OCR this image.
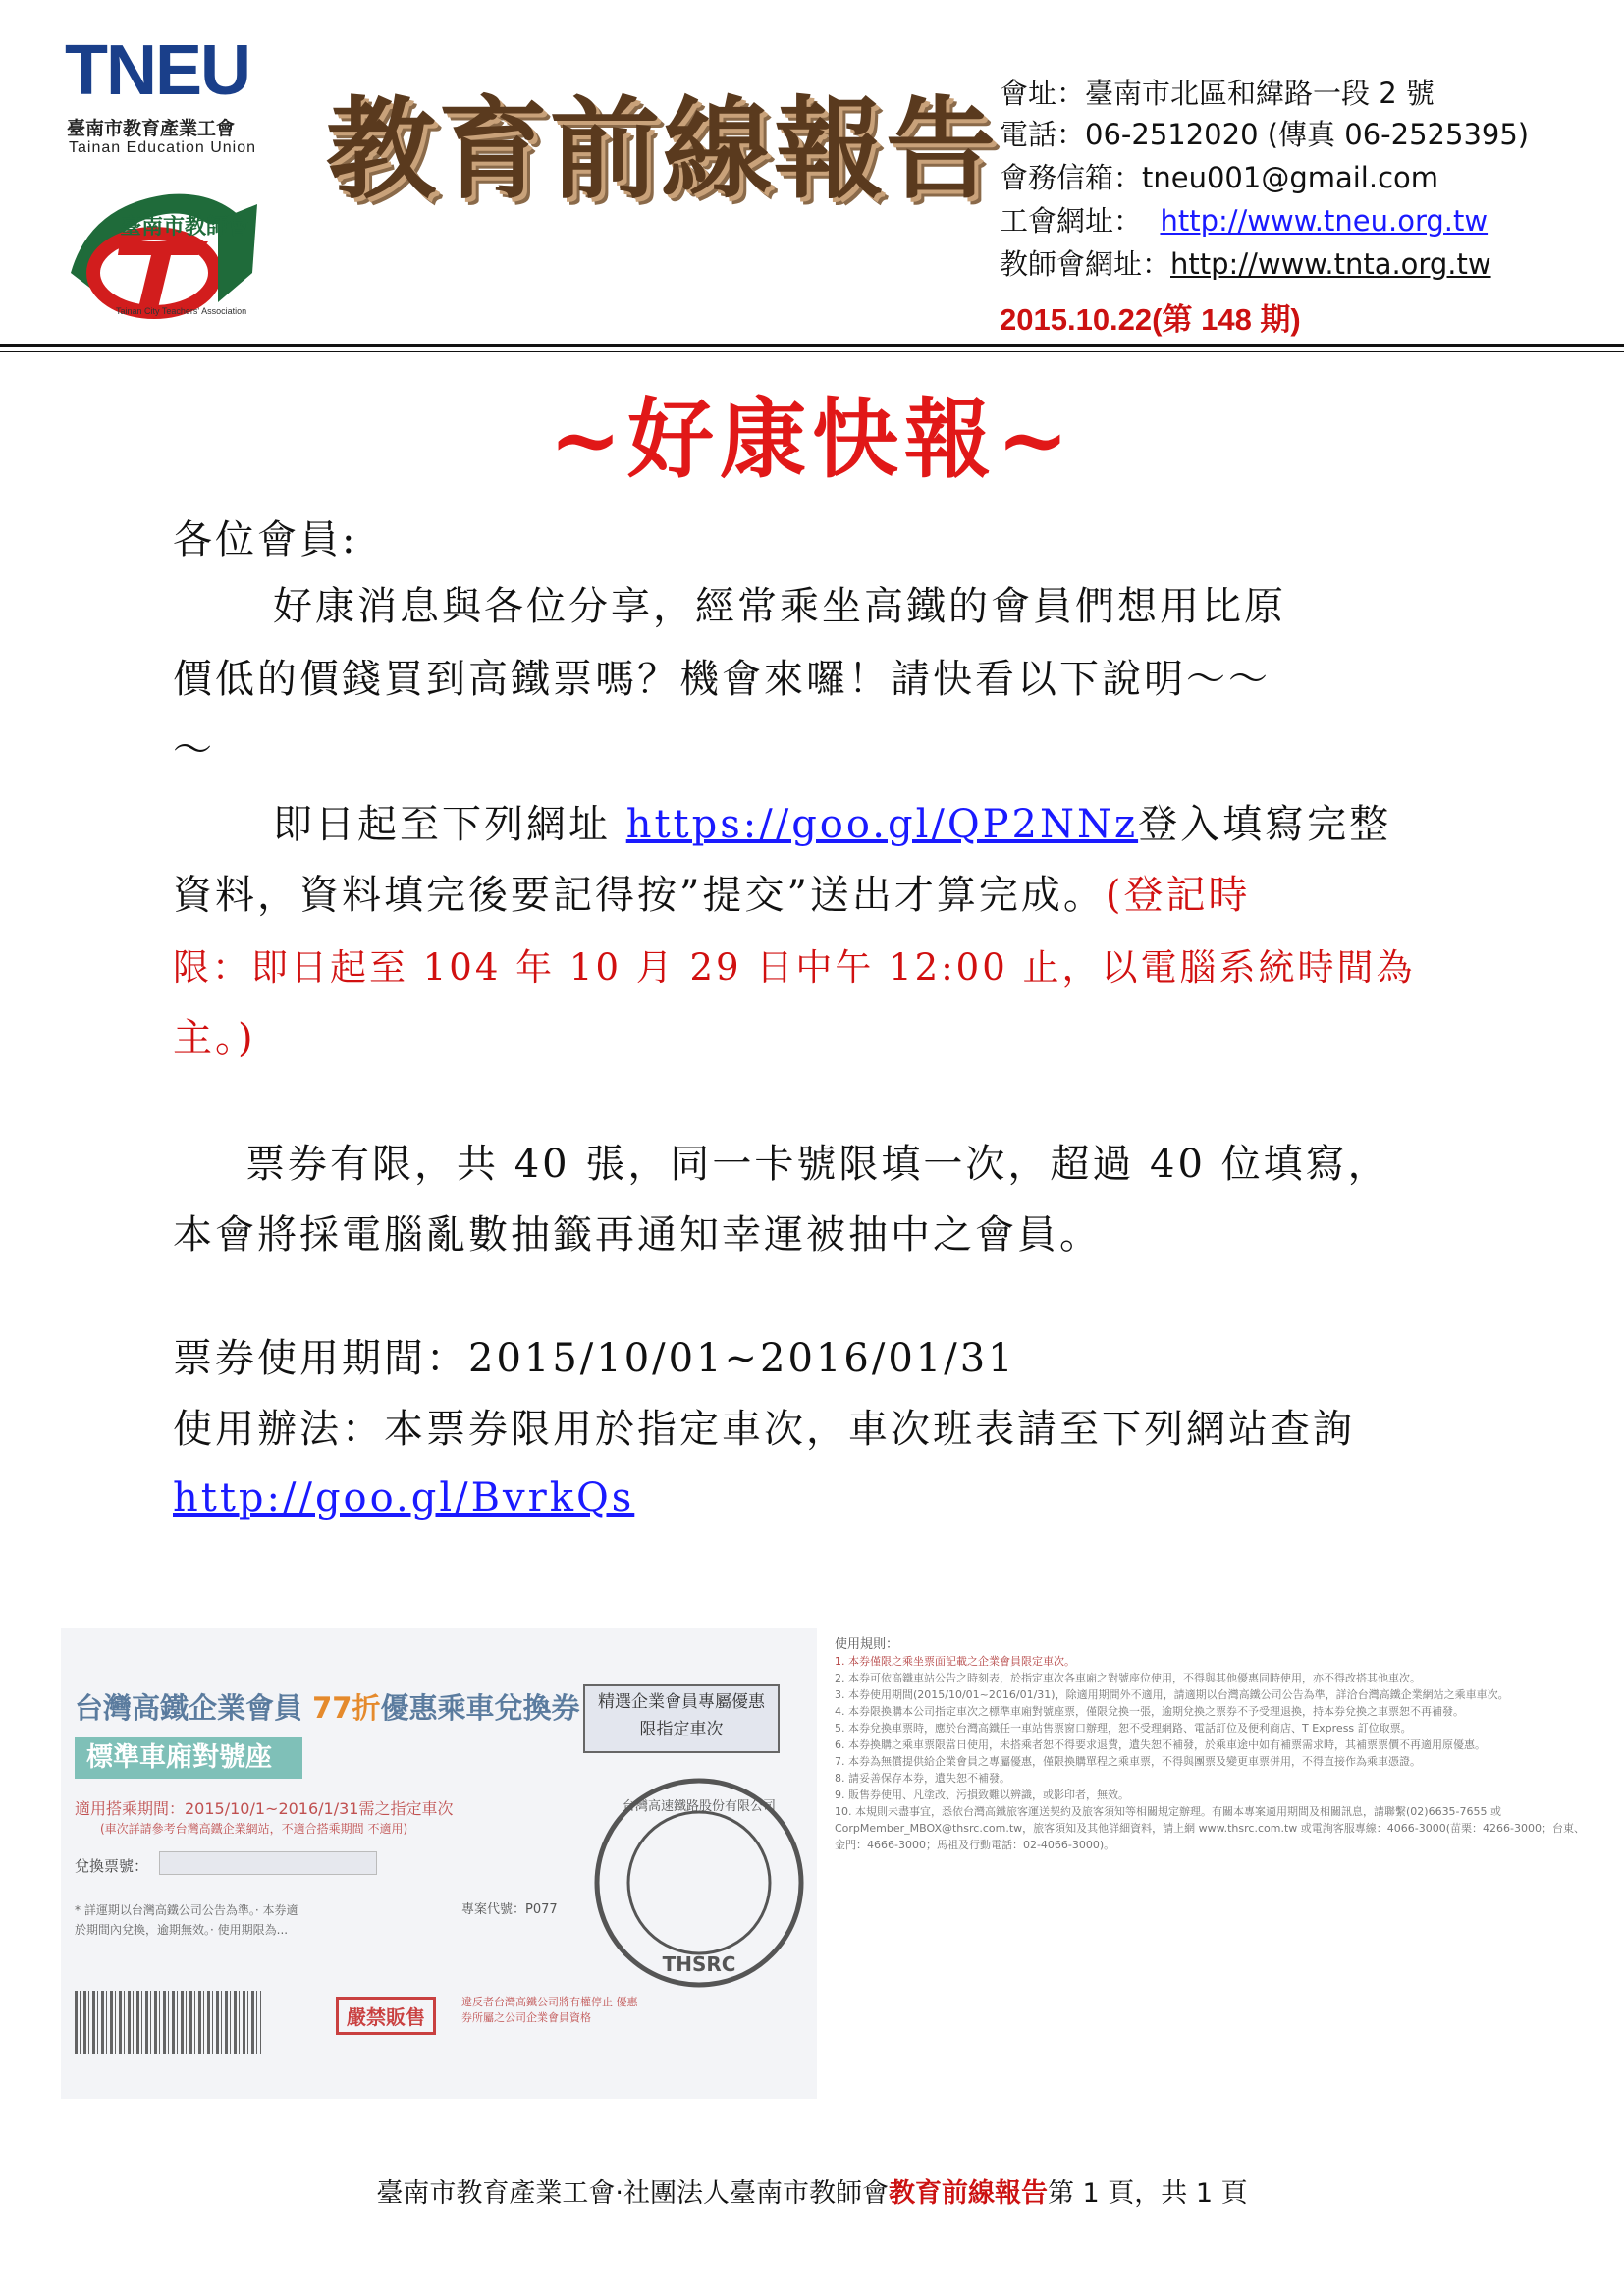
TNEU
臺南市教育產業工會
Tainan Education Union
臺南市教師會
Tainan City Teachers' Association
教育前線報告 會址：臺南市北區和緯路一段 2 號
電話：06-2512020 (傳真 06-2525395)
會務信箱：tneu001@gmail.com
工會網址： http://www.tneu.org.tw
教師會網址：http://www.tnta.org.tw
2015.10.22(第 148 期)
~好康快報~
各位會員:
好康消息與各位分享，經常乘坐高鐵的會員們想用比原
價低的價錢買到高鐵票嗎？機會來囉！請快看以下說明～～
～
即日起至下列網址 https://goo.gl/QP2NNz登入填寫完整
資料，資料填完後要記得按”提交”送出才算完成。(登記時
限：即日起至 104 年 10 月 29 日中午 12:00 止，以電腦系統時間為
主。)
票券有限，共 40 張，同一卡號限填一次，超過 40 位填寫，
本會將採電腦亂數抽籤再通知幸運被抽中之會員。
票券使用期間：2015/10/01~2016/01/31
使用辦法：本票券限用於指定車次，車次班表請至下列網站查詢
http://goo.gl/BvrkQs
台灣高鐵企業會員 77折優惠乘車兌換券	精選企業會員專屬優惠 限指定車次
標準車廂對號座
適用搭乘期間：2015/10/1~2016/1/31需之指定車次
(車次詳請參考台灣高鐵企業網站，不適合搭乘期間 不適用)
兌換票號：
* 詳運期以台灣高鐵公司公告為準。· 本券適於期間內兌換，逾期無效。· 使用期限為...
專案代號：P077
嚴禁販售
違反者台灣高鐵公司將有權停止 優惠券所屬之公司企業會員資格
THSRC
台灣高速鐵路股份有限公司
使用規則：
1. 本券僅限之乘坐票面記載之企業會員限定車次。
2. 本券可依高鐵車站公告之時刻表，於指定車次各車廂之對號座位使用，不得與其他優惠同時使用，亦不得改搭其他車次。
3. 本券使用期間(2015/10/01~2016/01/31)，除適用期間外不適用，請適期以台灣高鐵公司公告為準，詳洽台灣高鐵企業網站之乘車車次。
4. 本券限換購本公司指定車次之標準車廂對號座票，僅限兌換一張，逾期兌換之票券不予受理退換，持本券兌換之車票恕不再補發。
5. 本券兌換車票時，應於台灣高鐵任一車站售票窗口辦理，恕不受理網路、電話訂位及便利商店、T Express 訂位取票。
6. 本券換購之乘車票限當日使用，未搭乘者恕不得要求退費，遺失恕不補發，於乘車途中如有補票需求時，其補票票價不再適用原優惠。
7. 本券為無償提供給企業會員之專屬優惠，僅限換購單程之乘車票，不得與團票及變更車票併用，不得直接作為乘車憑證。
8. 請妥善保存本券，遺失恕不補發。
9. 販售券使用、凡塗改、污損致難以辨識，或影印者，無效。
10. 本規則未盡事宜，悉依台灣高鐵旅客運送契約及旅客須知等相關規定辦理。有關本專案適用期間及相關訊息，請聯繫(02)6635-7655 或 CorpMember_MBOX@thsrc.com.tw，旅客須知及其他詳細資料，請上網 www.thsrc.com.tw 或電詢客服專線：4066-3000(苗栗：4266-3000；台東、金門：4666-3000；馬祖及行動電話：02-4066-3000)。
臺南市教育產業工會‧社團法人臺南市教師會教育前線報告第 1 頁，共 1 頁
